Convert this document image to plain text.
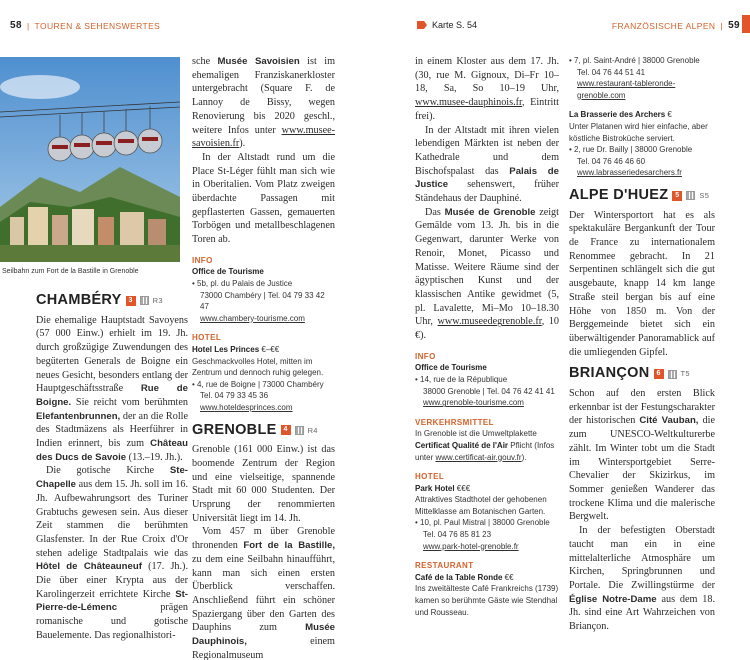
58 | TOUREN & SEHENSWERTES
Seilbahn zum Fort de la Bastille in Grenoble
CHAMBÉRY 3	R3

Die ehemalige Hauptstadt Savoyens (57 000 Einw.) erhielt im 19. Jh. durch großzügige Zuwendungen des begüterten Generals de Boigne ein neues Gesicht, besonders entlang der Hauptgeschäftsstraße Rue de Boigne. Sie reicht vom berühmten Elefantenbrunnen, der an die Rolle des Stadtmäzens als Heerführer in Indien erinnert, bis zum Château des Ducs de Savoie (13.–19. Jh.).

Die gotische Kirche Ste-Chapelle aus dem 15. Jh. soll im 16. Jh. Aufbewahrungsort des Turiner Grabtuchs gewesen sein. Aus dieser Zeit stammen die berühmten Glasfenster. In der Rue Croix d'Or stehen adelige Stadtpalais wie das Hôtel de Châteauneuf (17. Jh.). Die über einer Krypta aus der Karolingerzeit errichtete Kirche St-Pierre-de-Lémenc prägen romanische und gotische Bauelemente. Das regionalhistori-

sche Musée Savoisien ist im ehemaligen Franziskanerkloster untergebracht (Square F. de Lannoy de Bissy, wegen Renovierung bis 2020 geschl., weitere Infos unter www.musee-savoisien.fr).

In der Altstadt rund um die Place St-Léger fühlt man sich wie in Oberitalien. Vom Platz zweigen überdachte Passagen mit gepflasterten Gassen, gemauerten Torbögen und metallbeschlagenen Toren ab.

INFO
Office de Tourisme
• 5b, pl. du Palais de Justice
73000 Chambéry | Tel. 04 79 33 42 47
www.chambery-tourisme.com
HOTEL
Hotel Les Princes €–€€
Geschmackvolles Hotel, mitten im Zentrum und dennoch ruhig gelegen.
• 4, rue de Boigne | 73000 Chambéry
Tel. 04 79 33 45 36
www.hoteldesprinces.com
GRENOBLE 4	R4

Grenoble (161 000 Einw.) ist das boomende Zentrum der Region und eine vielseitige, spannende Stadt mit 60 000 Studenten. Der Ursprung der renommierten Universität liegt im 14. Jh.

Vom 457 m über Grenoble thronenden Fort de la Bastille, zu dem eine Seilbahn hinaufführt, kann man sich einen ersten Überblick verschaffen. Anschließend führt ein schöner Spaziergang über den Garten des Dauphins zum Musée Dauphinois, einem Regionalmuseum

Karte S. 54	FRANZÖSISCHE ALPEN | 59

in einem Kloster aus dem 17. Jh. (30, rue M. Gignoux, Di–Fr 10–18, Sa, So 10–19 Uhr, www.musee-dauphinois.fr, Eintritt frei).

In der Altstadt mit ihren vielen lebendigen Märkten ist neben der Kathedrale und dem Bischofspalast das Palais de Justice sehenswert, früher Ständehaus der Dauphiné.

Das Musée de Grenoble zeigt Gemälde vom 13. Jh. bis in die Gegenwart, darunter Werke von Renoir, Monet, Picasso und Matisse. Weitere Räume sind der ägyptischen Kunst und der klassischen Antike gewidmet (5, pl. Lavalette, Mi–Mo 10–18.30 Uhr, www.museedegrenoble.fr, 10 €).

INFO
Office de Tourisme
• 14, rue de la République
38000 Grenoble | Tel. 04 76 42 41 41
www.grenoble-tourisme.com
VERKEHRSMITTEL
In Grenoble ist die Umweltplakette Certificat Qualité de l'Air Pflicht (Infos unter www.certificat-air.gouv.fr).
HOTEL
Park Hotel €€€
Attraktives Stadthotel der gehobenen Mittelklasse am Botanischen Garten.
• 10, pl. Paul Mistral | 38000 Grenoble
Tel. 04 76 85 81 23
www.park-hotel-grenoble.fr
RESTAURANT
Café de la Table Ronde €€
Ins zweitälteste Café Frankreichs (1739) kamen so berühmte Gäste wie Stendhal und Rousseau.
• 7, pl. Saint-André | 38000 Grenoble
Tel. 04 76 44 51 41
www.restaurant-tableronde-grenoble.com
La Brasserie des Archers €
Unter Platanen wird hier einfache, aber köstliche Bistroküche serviert.
• 2, rue Dr. Bailly | 38000 Grenoble
Tel. 04 76 46 46 60
www.labrasseriedesarchers.fr
ALPE D'HUEZ 5	S5

Der Wintersportort hat es als spektakuläre Bergankunft der Tour de France zu internationalem Renommee gebracht. In 21 Serpentinen schlängelt sich die gut ausgebaute, knapp 14 km lange Straße steil bergan bis auf eine Höhe von 1850 m. Von der Berggemeinde bietet sich ein überwältigender Panoramablick auf die umliegenden Gipfel.

BRIANÇON 6	T5

Schon auf den ersten Blick erkennbar ist der Festungscharakter der historischen Cité Vauban, die zum UNESCO-Weltkulturerbe zählt. Im Winter tobt um die Stadt im Wintersportgebiet Serre-Chevalier der Skizirkus, im Sommer genießen Wanderer das trockene Klima und die malerische Bergwelt.

In der befestigten Oberstadt taucht man ein in eine mittelalterliche Atmosphäre um Kirchen, Springbrunnen und Portale. Die Zwillingstürme der Église Notre-Dame aus dem 18. Jh. sind eine Art Wahrzeichen von Briançon.
